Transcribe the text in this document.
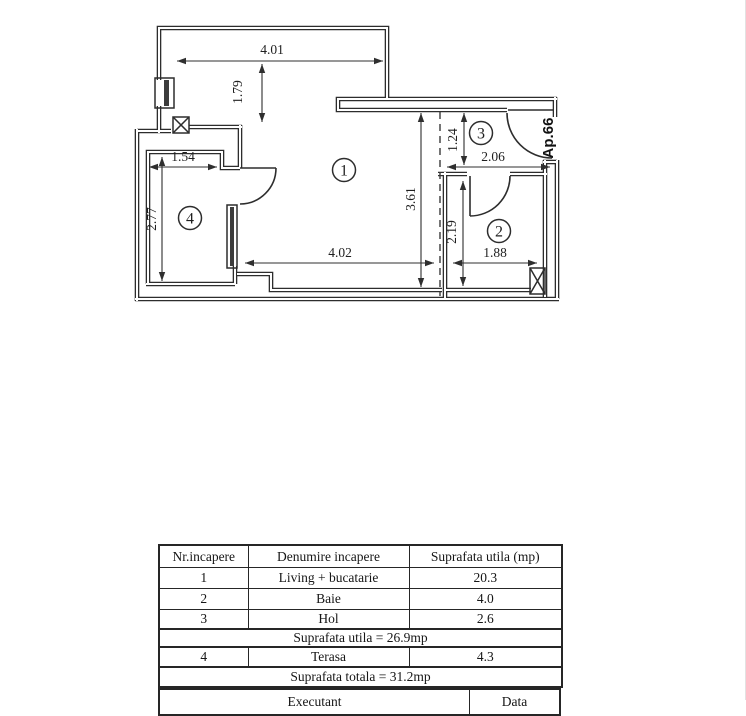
4.01
1.79
1.54
2.77
4.02
3.61
1.24
2.06
2.19
1.88
1
2
3
4
Ap.66
Nr.incapere	Denumire incapere	Suprafata utila (mp)
1	Living + bucatarie	20.3
2	Baie	4.0
3	Hol	2.6
Suprafata utila = 26.9mp		
4	Terasa	4.3
Suprafata totala = 31.2mp		
Executant	Data
